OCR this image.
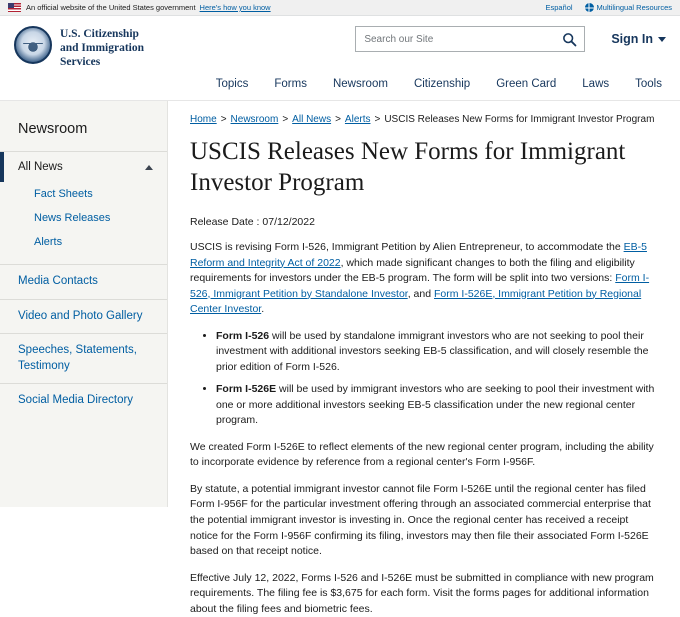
An official website of the United States government Here's how you know	Español	Multilingual Resources
U.S. Citizenship
and Immigration
Services
Search our Site	Sign In
Topics Forms Newsroom Citizenship Green Card Laws Tools
Newsroom
All News
Fact Sheets
News Releases
Alerts
Media Contacts
Video and Photo Gallery
Speeches, Statements, Testimony
Social Media Directory
Home > Newsroom > All News > Alerts > USCIS Releases New Forms for Immigrant Investor Program
USCIS Releases New Forms for Immigrant Investor Program
Release Date : 07/12/2022

USCIS is revising Form I-526, Immigrant Petition by Alien Entrepreneur, to accommodate the EB-5 Reform and Integrity Act of 2022, which made significant changes to both the filing and eligibility requirements for investors under the EB-5 program. The form will be split into two versions: Form I-526, Immigrant Petition by Standalone Investor, and Form I-526E, Immigrant Petition by Regional Center Investor.

• Form I-526 will be used by standalone immigrant investors who are not seeking to pool their investment with additional investors seeking EB-5 classification, and will closely resemble the prior edition of Form I-526.
• Form I-526E will be used by immigrant investors who are seeking to pool their investment with one or more additional investors seeking EB-5 classification under the new regional center program.

We created Form I-526E to reflect elements of the new regional center program, including the ability to incorporate evidence by reference from a regional center's Form I-956F.

By statute, a potential immigrant investor cannot file Form I-526E until the regional center has filed Form I-956F for the particular investment offering through an associated commercial enterprise that the potential immigrant investor is investing in. Once the regional center has received a receipt notice for the Form I-956F confirming its filing, investors may then file their associated Form I-526E based on that receipt notice.

Effective July 12, 2022, Forms I-526 and I-526E must be submitted in compliance with new program requirements. The filing fee is $3,675 for each form. Visit the forms pages for additional information about the filing fees and biometric fees.
